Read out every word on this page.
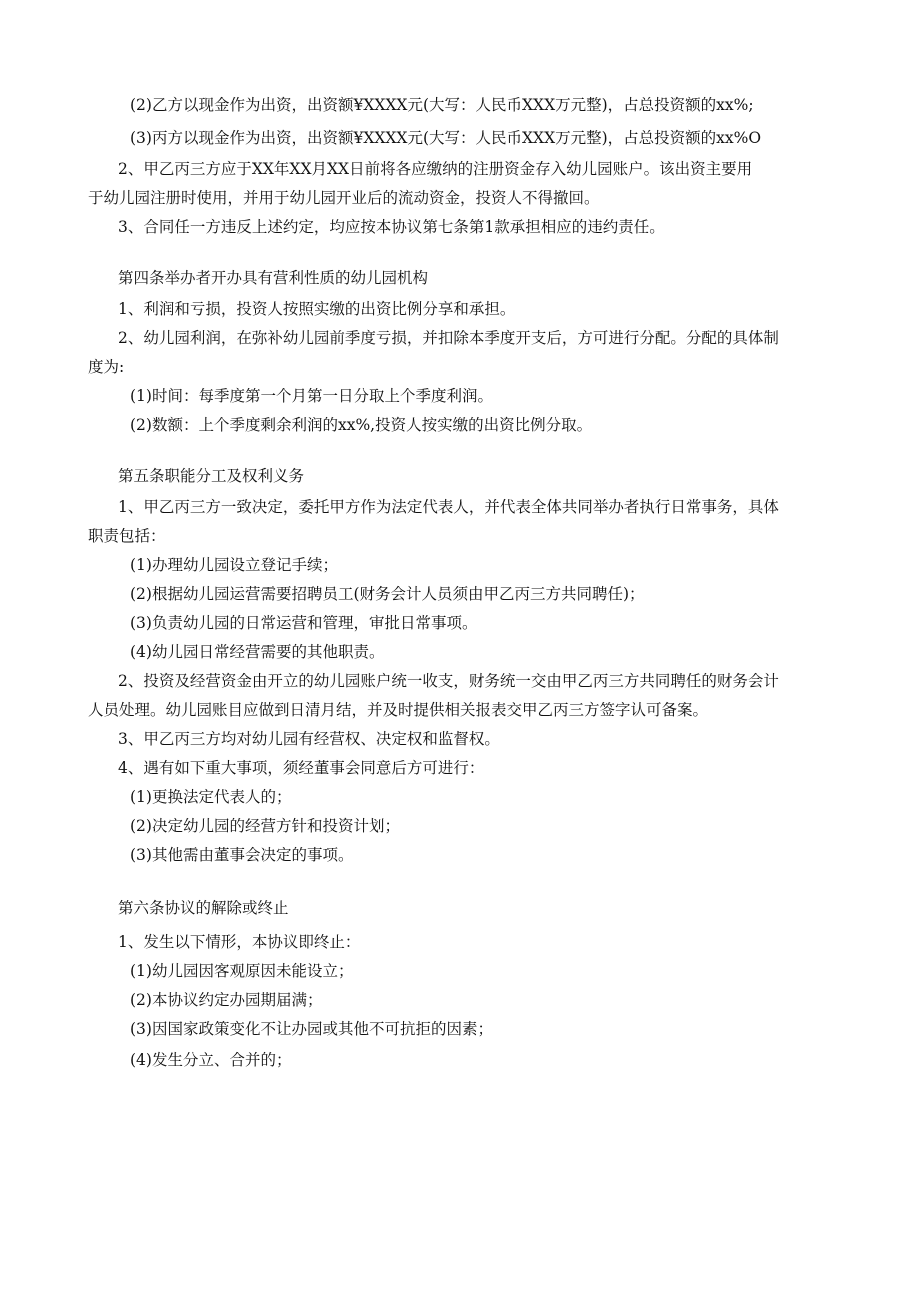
(2)乙方以现金作为出资，出资额¥XXXX元(大写：人民币XXX万元整)，占总投资额的xx%;
(3)丙方以现金作为出资，出资额¥XXXX元(大写：人民币XXX万元整)，占总投资额的xx%O
2、甲乙丙三方应于XX年XX月XX日前将各应缴纳的注册资金存入幼儿园账户。该出资主要用
于幼儿园注册时使用，并用于幼儿园开业后的流动资金，投资人不得撤回。
3、合同任一方违反上述约定，均应按本协议第七条第1款承担相应的违约责任。
第四条举办者开办具有营利性质的幼儿园机构
1、利润和亏损，投资人按照实缴的出资比例分享和承担。
2、幼儿园利润，在弥补幼儿园前季度亏损，并扣除本季度开支后，方可进行分配。分配的具体制
度为:
(1)时间：每季度第一个月第一日分取上个季度利润。
(2)数额：上个季度剩余利润的xx%,投资人按实缴的出资比例分取。
第五条职能分工及权利义务
1、甲乙丙三方一致决定，委托甲方作为法定代表人，并代表全体共同举办者执行日常事务，具体
职责包括：
(1)办理幼儿园设立登记手续；
(2)根据幼儿园运营需要招聘员工(财务会计人员须由甲乙丙三方共同聘任)；
(3)负责幼儿园的日常运营和管理，审批日常事项。
(4)幼儿园日常经营需要的其他职责。
2、投资及经营资金由开立的幼儿园账户统一收支，财务统一交由甲乙丙三方共同聘任的财务会计
人员处理。幼儿园账目应做到日清月结，并及时提供相关报表交甲乙丙三方签字认可备案。
3、甲乙丙三方均对幼儿园有经营权、决定权和监督权。
4、遇有如下重大事项，须经董事会同意后方可进行：
(1)更换法定代表人的；
(2)决定幼儿园的经营方针和投资计划；
(3)其他需由董事会决定的事项。
第六条协议的解除或终止
1、发生以下情形，本协议即终止：
(1)幼儿园因客观原因未能设立；
(2)本协议约定办园期届满；
(3)因国家政策变化不让办园或其他不可抗拒的因素；
(4)发生分立、合并的；
